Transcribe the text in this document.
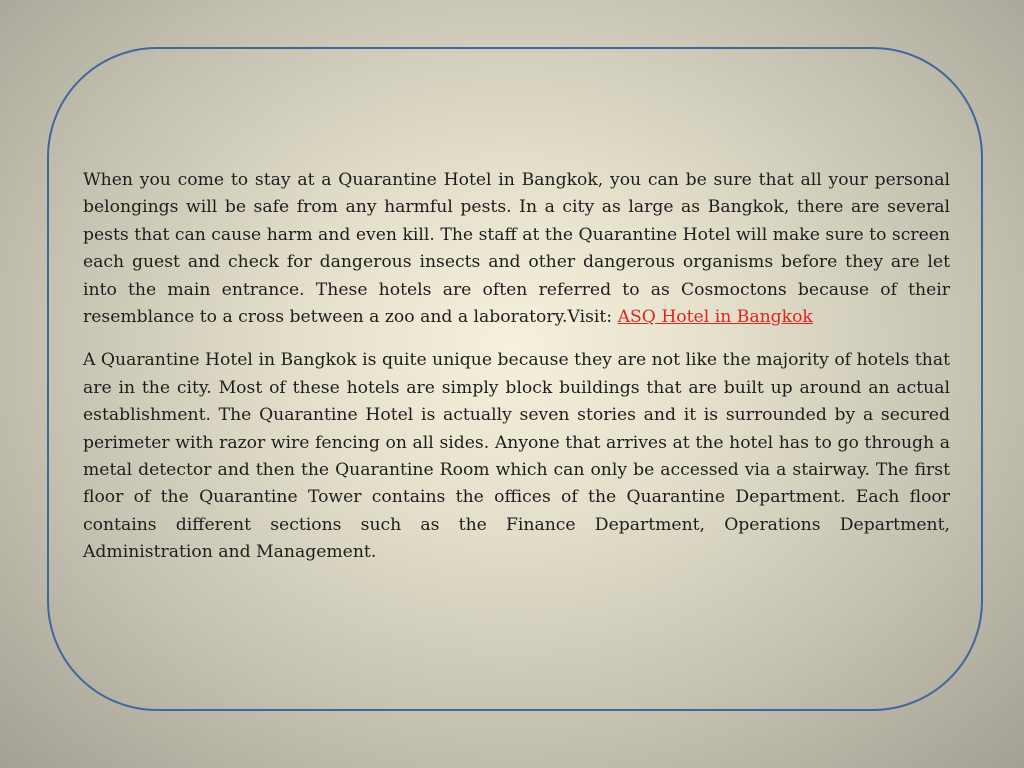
When you come to stay at a Quarantine Hotel in Bangkok, you can be sure that all your personal belongings will be safe from any harmful pests. In a city as large as Bangkok, there are several pests that can cause harm and even kill. The staff at the Quarantine Hotel will make sure to screen each guest and check for dangerous insects and other dangerous organisms before they are let into the main entrance. These hotels are often referred to as Cosmoctons because of their resemblance to a cross between a zoo and a laboratory.Visit: ASQ Hotel in Bangkok

A Quarantine Hotel in Bangkok is quite unique because they are not like the majority of hotels that are in the city. Most of these hotels are simply block buildings that are built up around an actual establishment. The Quarantine Hotel is actually seven stories and it is surrounded by a secured perimeter with razor wire fencing on all sides. Anyone that arrives at the hotel has to go through a metal detector and then the Quarantine Room which can only be accessed via a stairway. The first floor of the Quarantine Tower contains the offices of the Quarantine Department. Each floor contains different sections such as the Finance Department, Operations Department, Administration and Management.
